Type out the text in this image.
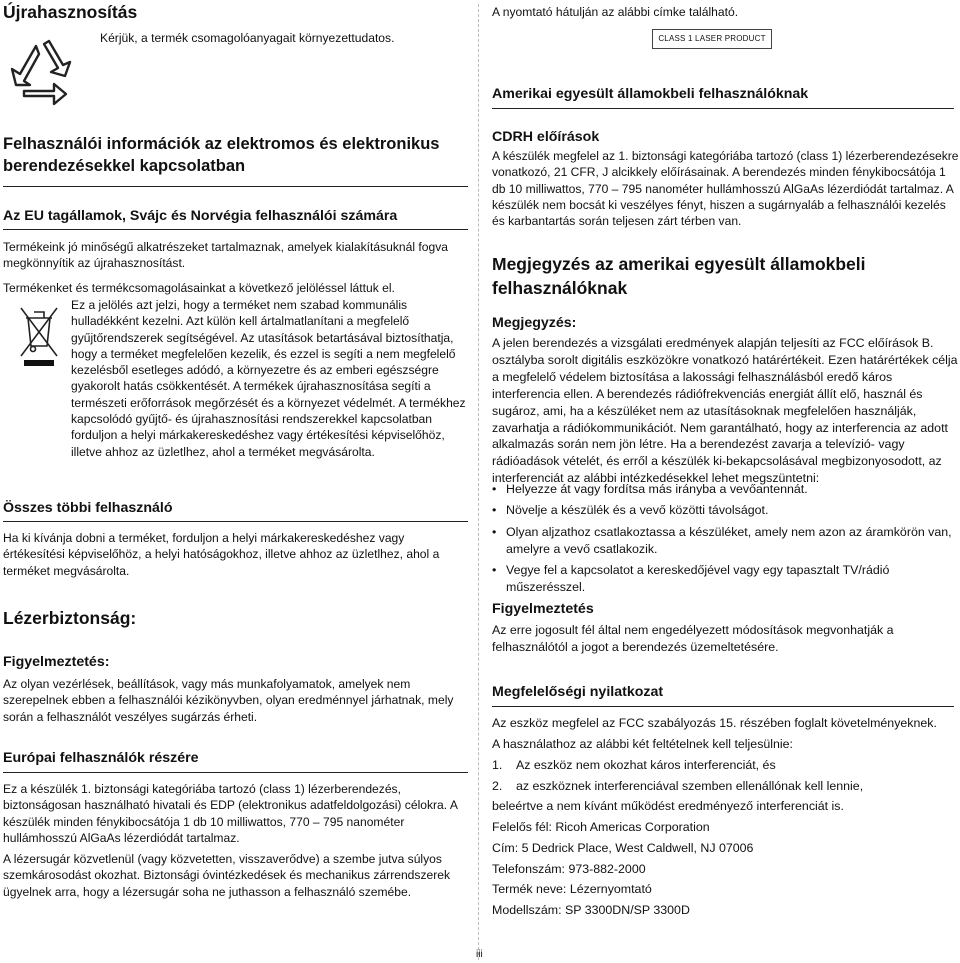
Újrahasznosítás
Kérjük, a termék csomagolóanyagait környezettudatos.
Felhasználói információk az elektromos és elektronikus berendezésekkel kapcsolatban
Az EU tagállamok, Svájc és Norvégia felhasználói számára
Termékeink jó minőségű alkatrészeket tartalmaznak, amelyek kialakításuknál fogva megkönnyítik az újrahasznosítást.
Termékenket és termékcsomagolásainkat a következő jelöléssel láttuk el.
Ez a jelölés azt jelzi, hogy a terméket nem szabad kommunális hulladékként kezelni. Azt külön kell ártalmatlanítani a megfelelő gyűjtőrendszerek segítségével. Az utasítások betartásával biztosíthatja, hogy a terméket megfelelően kezelik, és ezzel is segíti a nem megfelelő kezelésből esetleges adódó, a környezetre és az emberi egészségre gyakorolt hatás csökkentését. A termékek újrahasznosítása segíti a természeti erőforrások megőrzését és a környezet védelmét. A termékhez kapcsolódó gyűjtő- és újrahasznosítási rendszerekkel kapcsolatban forduljon a helyi márkakereskedéshez vagy értékesítési képviselőhöz, illetve ahhoz az üzletlhez, ahol a terméket megvásárolta.
Összes többi felhasználó
Ha ki kívánja dobni a terméket, forduljon a helyi márkakereskedéshez vagy értékesítési képviselőhöz, a helyi hatóságokhoz, illetve ahhoz az üzletlhez, ahol a terméket megvásárolta.
Lézerbiztonság:
Figyelmeztetés:
Az olyan vezérlések, beállítások, vagy más munkafolyamatok, amelyek nem szerepelnek ebben a felhasználói kézikönyvben, olyan eredménnyel járhatnak, mely során a felhasználót veszélyes sugárzás érheti.
Európai felhasználók részére
Ez a készülék 1. biztonsági kategóriába tartozó (class 1) lézerberendezés, biztonságosan használható hivatali és EDP (elektronikus adatfeldolgozási) célokra. A készülék minden fénykibocsátója 1 db 10 milliwattos, 770 – 795 nanométer hullámhosszú AlGaAs lézerdiódát tartalmaz.
A lézersugár közvetlenül (vagy közvetetten, visszaverődve) a szembe jutva súlyos szemkárosodást okozhat. Biztonsági óvintézkedések és mechanikus zárrendszerek ügyelnek arra, hogy a lézersugár soha ne juthasson a felhasználó szemébe.
A nyomtató hátulján az alábbi címke található.
CLASS 1 LASER PRODUCT
Amerikai egyesült államokbeli felhasználóknak
CDRH előírások
A készülék megfelel az 1. biztonsági kategóriába tartozó (class 1) lézerberendezésekre vonatkozó, 21 CFR, J alcikkely előírásainak. A berendezés minden fénykibocsátója 1 db 10 milliwattos, 770 – 795 nanométer hullámhosszú AlGaAs lézerdiódát tartalmaz. A készülék nem bocsát ki veszélyes fényt, hiszen a sugárnyaláb a felhasználói kezelés és karbantartás során teljesen zárt térben van.
Megjegyzés az amerikai egyesült államokbeli felhasználóknak
Megjegyzés:
A jelen berendezés a vizsgálati eredmények alapján teljesíti az FCC előírások B. osztályba sorolt digitális eszközökre vonatkozó határértékeit. Ezen határértékek célja a megfelelő védelem biztosítása a lakossági felhasználásból eredő káros interferencia ellen. A berendezés rádiófrekvenciás energiát állít elő, használ és sugároz, ami, ha a készüléket nem az utasításoknak megfelelően használják, zavarhatja a rádiókommunikációt. Nem garantálható, hogy az interferencia az adott alkalmazás során nem jön létre. Ha a berendezést zavarja a televízió- vagy rádióadások vételét, és erről a készülék ki-bekapcsolásával megbizonyosodott, az interferenciát az alábbi intézkedésekkel lehet megszüntetni:
• Helyezze át vagy fordítsa más irányba a vevőantennát.
• Növelje a készülék és a vevő közötti távolságot.
• Olyan aljzathoz csatlakoztassa a készüléket, amely nem azon az áramkörön van, amelyre a vevő csatlakozik.
• Vegye fel a kapcsolatot a kereskedőjével vagy egy tapasztalt TV/rádió műszerésszel.
Figyelmeztetés
Az erre jogosult fél által nem engedélyezett módosítások megvonhatják a felhasználótól a jogot a berendezés üzemeltetésére.
Megfelelőségi nyilatkozat
Az eszköz megfelel az FCC szabályozás 15. részében foglalt követelményeknek.
A használathoz az alábbi két feltételnek kell teljesülnie:
1. Az eszköz nem okozhat káros interferenciát, és
2. az eszköznek interferenciával szemben ellenállónak kell lennie,
beleértve a nem kívánt működést eredményező interferenciát is.
Felelős fél: Ricoh Americas Corporation
Cím: 5 Dedrick Place, West Caldwell, NJ 07006
Telefonszám: 973-882-2000
Termék neve: Lézernyomtató
Modellszám: SP 3300DN/SP 3300D
iii
